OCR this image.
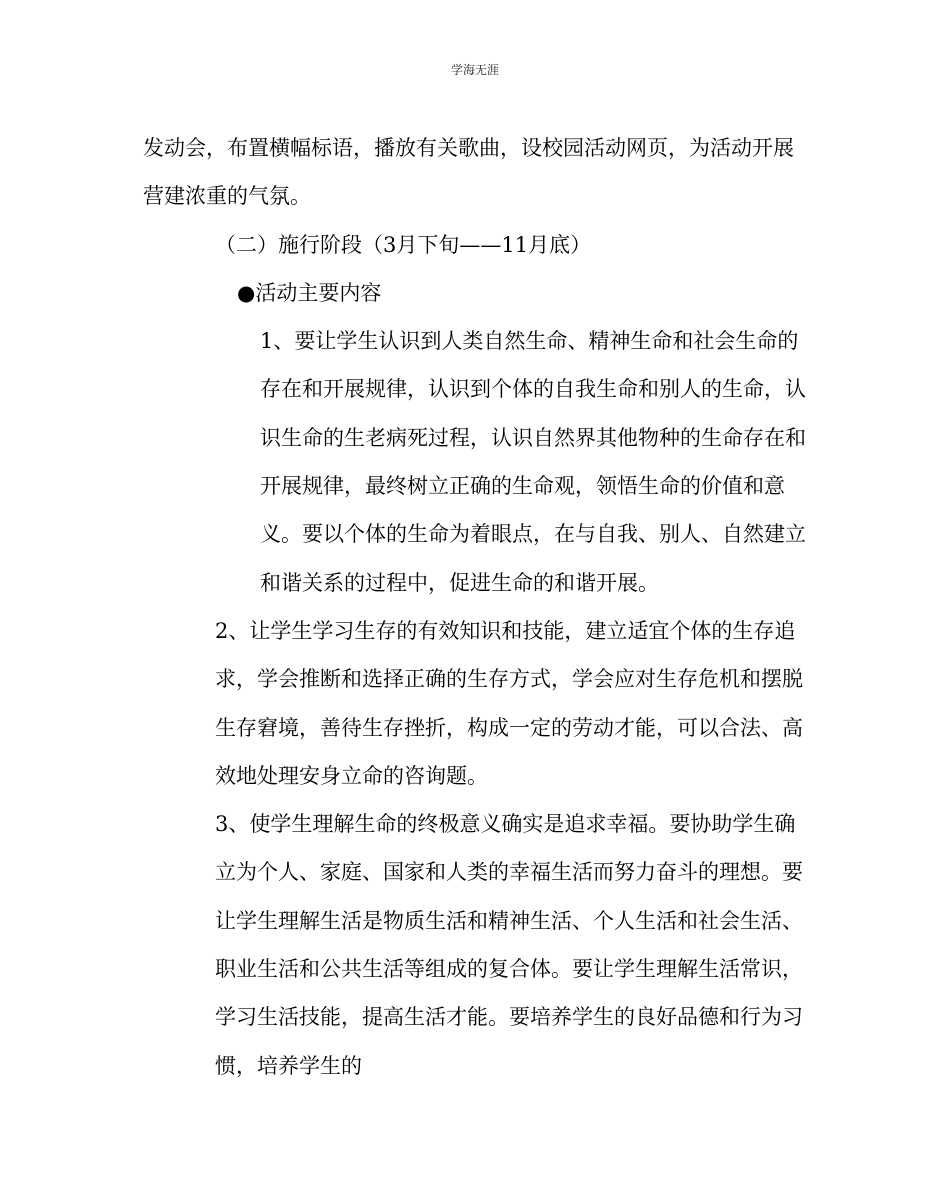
学海无涯

发动会，布置横幅标语，播放有关歌曲，设校园活动网页，为活动开展营建浓重的气氛。

（二）施行阶段（3月下旬——11月底）

●活动主要内容

1、要让学生认识到人类自然生命、精神生命和社会生命的存在和开展规律，认识到个体的自我生命和别人的生命，认识生命的生老病死过程，认识自然界其他物种的生命存在和开展规律，最终树立正确的生命观，领悟生命的价值和意义。要以个体的生命为着眼点，在与自我、别人、自然建立和谐关系的过程中，促进生命的和谐开展。

2、让学生学习生存的有效知识和技能，建立适宜个体的生存追求，学会推断和选择正确的生存方式，学会应对生存危机和摆脱生存窘境，善待生存挫折，构成一定的劳动才能，可以合法、高效地处理安身立命的咨询题。

3、使学生理解生命的终极意义确实是追求幸福。要协助学生确立为个人、家庭、国家和人类的幸福生活而努力奋斗的理想。要让学生理解生活是物质生活和精神生活、个人生活和社会生活、职业生活和公共生活等组成的复合体。要让学生理解生活常识，学习生活技能，提高生活才能。要培养学生的良好品德和行为习惯，培养学生的
